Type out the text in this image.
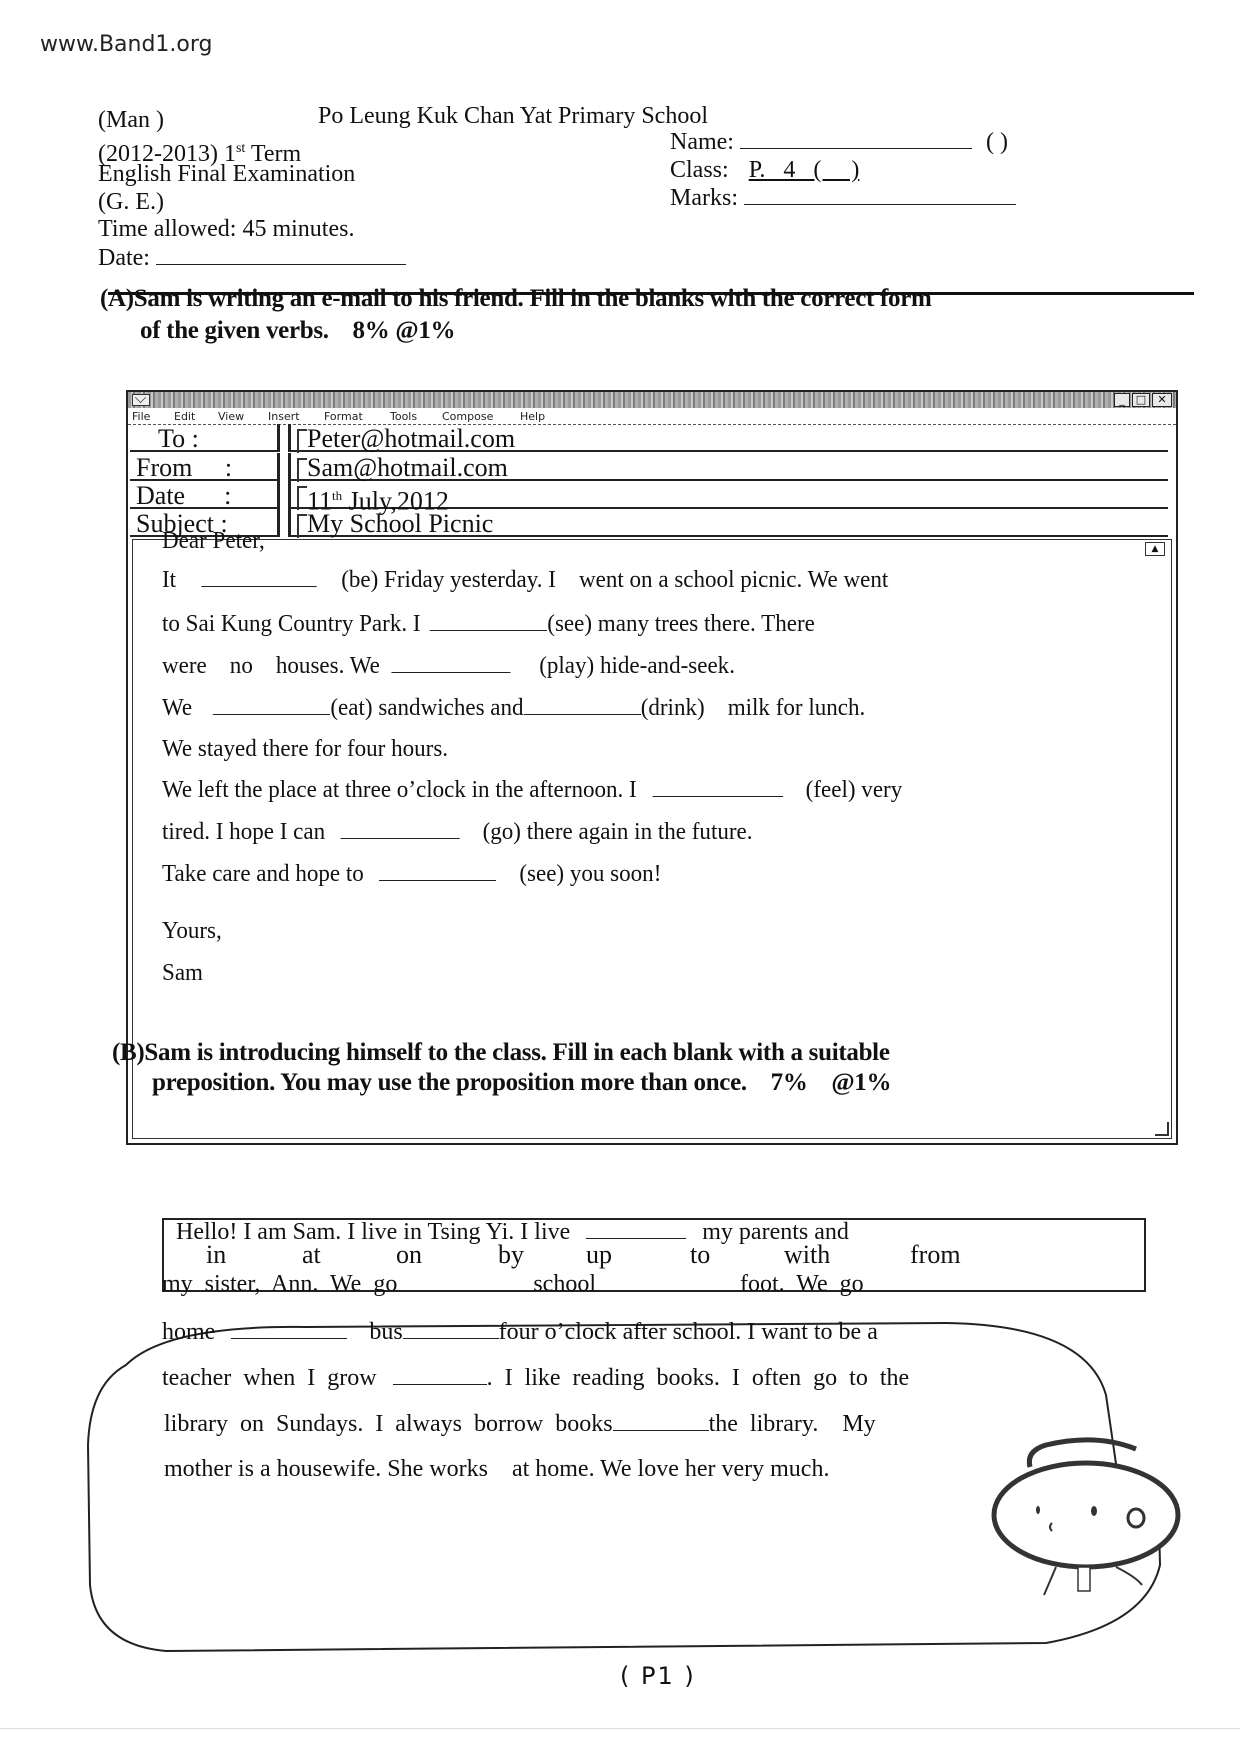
www.Band1.org
(Man )	Po Leung Kuk Chan Yat Primary School
(2012-2013) 1st Term
English Final Examination
(G. E.)
Time allowed: 45 minutes.
Date:
Name:	( )
Class: P.   4   (     )
Marks:
(A)Sam is writing an e-mail to his friend. Fill in the blanks with the correct form
of the given verbs.    8% @1%
_	□	✕
File Edit View Insert Format Tools Compose Help
To :	Peter@hotmail.com
From     :	Sam@hotmail.com
Date      :	11th July,2012
Subject :	My School Picnic
▲
Dear Peter,
It	(be) Friday yesterday. I    went on a school picnic. We went
to Sai Kung Country Park. I	(see) many trees there. There
were    no    houses. We	(play) hide-and-seek.
We	(eat) sandwiches and	(drink)    milk for lunch.
We stayed there for four hours.
We left the place at three o’clock in the afternoon. I	(feel) very
tired. I hope I can	(go) there again in the future.
Take care and hope to	(see) you soon!
Yours,
Sam
(B)Sam is introducing himself to the class. Fill in each blank with a suitable
preposition. You may use the proposition more than once.    7%    @1%
in	at	on	by up	to	with	from
Hello! I am Sam. I live in Tsing Yi. I live	my parents and
my  sister,  Ann.  We  go	school	foot.  We  go
home	bus	four o’clock after school. I want to be a
teacher  when  I  grow	.  I  like  reading  books.  I  often  go  to  the
library  on  Sundays.  I  always  borrow  books	the  library.    My
mother is a housewife. She works    at home. We love her very much.
( P1 )
